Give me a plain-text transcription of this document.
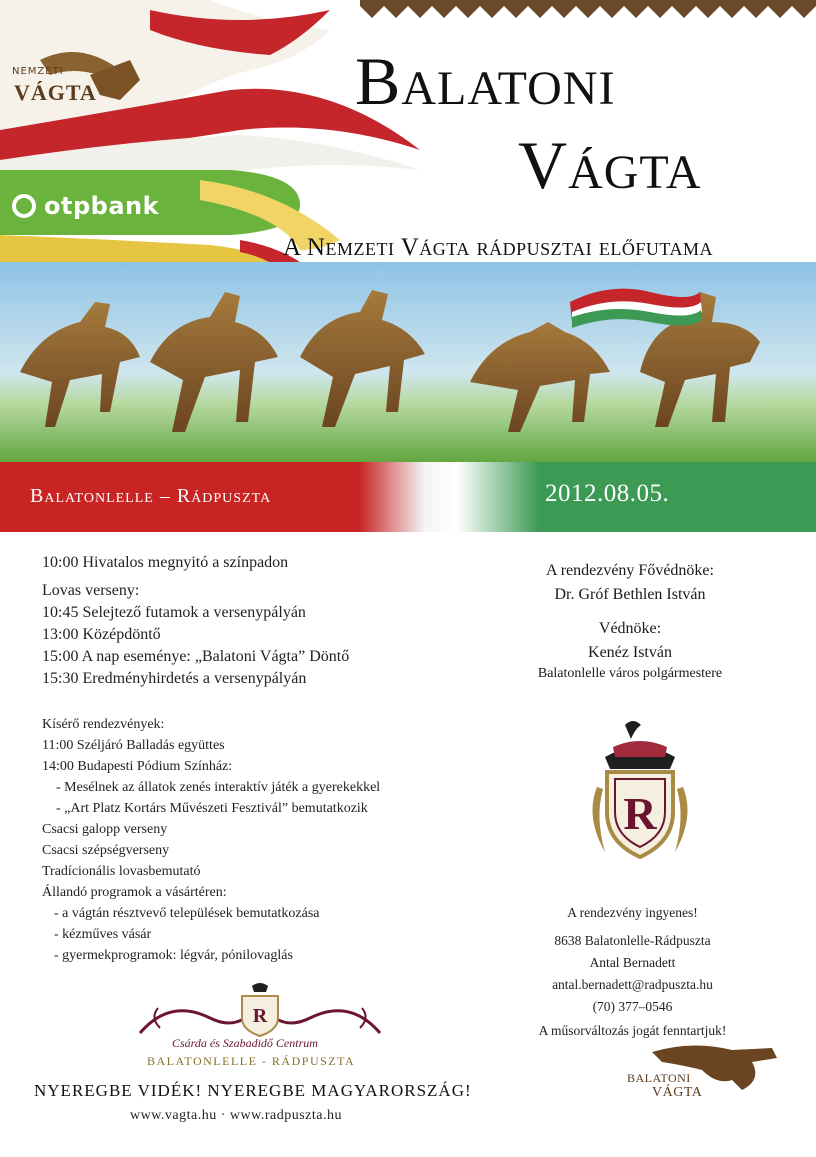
NEMZETI
VÁGTA
otpbank
Balatoni
Vágta
A Nemzeti Vágta rádpusztai előfutama
Balatonlelle – Rádpuszta	2012.08.05.
10:00 Hivatalos megnyitó a színpadon
Lovas verseny:
10:45 Selejtező futamok a versenypályán
13:00 Középdöntő
15:00 A nap eseménye: „Balatoni Vágta” Döntő
15:30 Eredményhirdetés a versenypályán
Kísérő rendezvények:
11:00 Széljáró Balladás együttes
14:00 Budapesti Pódium Színház:
- Mesélnek az állatok zenés interaktív játék a gyerekekkel
- „Art Platz Kortárs Művészeti Fesztivál” bemutatkozik
Csacsi galopp verseny
Csacsi szépségverseny
Tradícionális lovasbemutató
Állandó programok a vásártéren:
- a vágtán résztvevő települések bemutatkozása
- kézműves vásár
- gyermekprogramok: légvár, pónilovaglás
A rendezvény Fővédnöke:
Dr. Gróf Bethlen István
Védnöke:
Kenéz István
Balatonlelle város polgármestere
R
A rendezvény ingyenes!
8638 Balatonlelle-Rádpuszta
Antal Bernadett
antal.bernadett@radpuszta.hu
(70) 377–0546
A műsorváltozás jogát fenntartjuk!
R
Csárda és Szabadidő Centrum
BALATONLELLE - RÁDPUSZTA
NYEREGBE VIDÉK! NYEREGBE MAGYARORSZÁG!
www.vagta.hu · www.radpuszta.hu
BALATONI
VÁGTA
